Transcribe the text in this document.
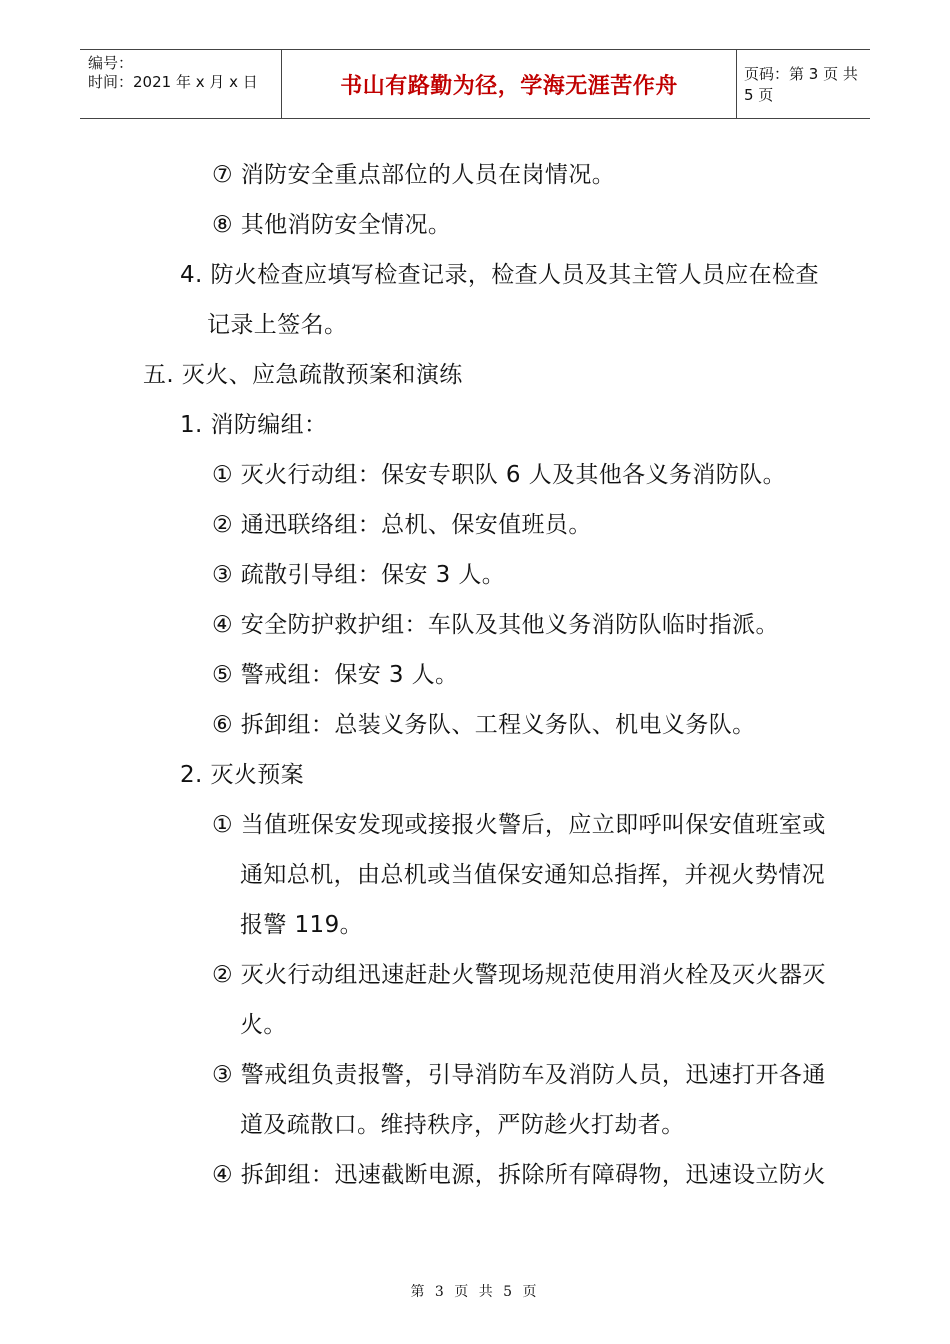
编号：
时间：2021 年 x 月 x 日	书山有路勤为径，学海无涯苦作舟	页码：第 3 页 共 5 页
⑦ 消防安全重点部位的人员在岗情况。
⑧ 其他消防安全情况。
4. 防火检查应填写检查记录，检查人员及其主管人员应在检查
记录上签名。
五. 灭火、应急疏散预案和演练
1. 消防编组：
① 灭火行动组：保安专职队 6 人及其他各义务消防队。
② 通迅联络组：总机、保安值班员。
③ 疏散引导组：保安 3 人。
④ 安全防护救护组：车队及其他义务消防队临时指派。
⑤ 警戒组：保安 3 人。
⑥ 拆卸组：总装义务队、工程义务队、机电义务队。
2. 灭火预案
① 当值班保安发现或接报火警后，应立即呼叫保安值班室或
通知总机，由总机或当值保安通知总指挥，并视火势情况
报警 119。
② 灭火行动组迅速赶赴火警现场规范使用消火栓及灭火器灭
火。
③ 警戒组负责报警，引导消防车及消防人员，迅速打开各通
道及疏散口。维持秩序，严防趁火打劫者。
④ 拆卸组：迅速截断电源，拆除所有障碍物，迅速设立防火
第 3 页 共 5 页
